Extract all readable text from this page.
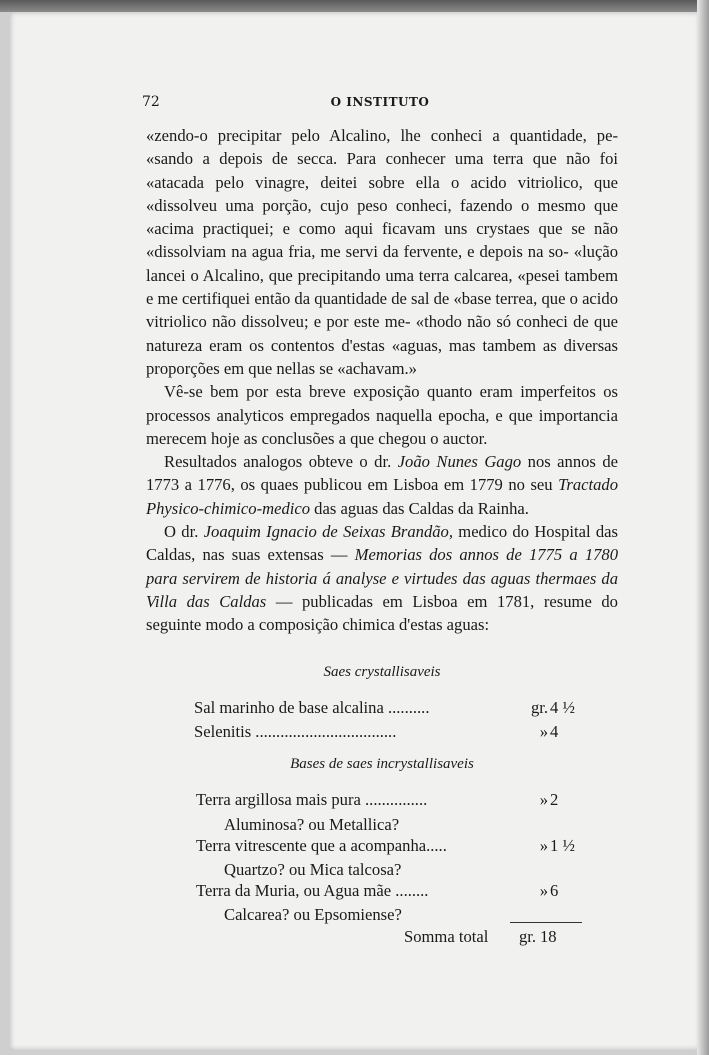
72	O INSTITUTO

«zendo-o precipitar pelo Alcalino, lhe conheci a quantidade, pe- «sando a depois de secca. Para conhecer uma terra que não foi «atacada pelo vinagre, deitei sobre ella o acido vitriolico, que «dissolveu uma porção, cujo peso conheci, fazendo o mesmo que «acima practiquei; e como aqui ficavam uns crystaes que se não «dissolviam na agua fria, me servi da fervente, e depois na so- «lução lancei o Alcalino, que precipitando uma terra calcarea, «pesei tambem e me certifiquei então da quantidade de sal de «base terrea, que o acido vitriolico não dissolveu; e por este me- «thodo não só conheci de que natureza eram os contentos d'estas «aguas, mas tambem as diversas proporções em que nellas se «achavam.»

Vê-se bem por esta breve exposição quanto eram imperfeitos os processos analyticos empregados naquella epocha, e que importancia merecem hoje as conclusões a que chegou o auctor.

Resultados analogos obteve o dr. João Nunes Gago nos annos de 1773 a 1776, os quaes publicou em Lisboa em 1779 no seu Tractado Physico-chimico-medico das aguas das Caldas da Rainha.

O dr. Joaquim Ignacio de Seixas Brandão, medico do Hospital das Caldas, nas suas extensas — Memorias dos annos de 1775 a 1780 para servirem de historia á analyse e virtudes das aguas thermaes da Villa das Caldas — publicadas em Lisboa em 1781, resume do seguinte modo a composição chimica d'estas aguas:

Saes crystallisaveis
Sal marinho de base alcalina ..........	gr. 4 ½
Selenitis ..................................	» 4
Bases de saes incrystallisaveis
Terra argillosa mais pura ...............	» 2
Aluminosa? ou Metallica?
Terra vitrescente que a acompanha.....	» 1 ½
Quartzo? ou Mica talcosa?
Terra da Muria, ou Agua mãe ........	» 6
Calcarea? ou Epsomiense?
Somma total	gr. 18
